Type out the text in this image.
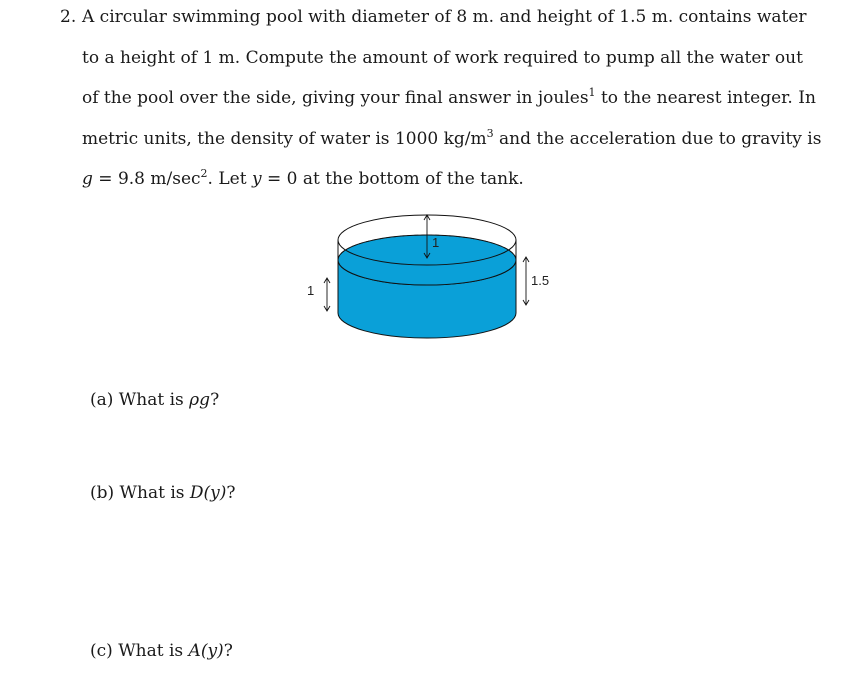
2. A circular swimming pool with diameter of 8 m. and height of 1.5 m. contains water
to a height of 1 m. Compute the amount of work required to pump all the water out
of the pool over the side, giving your final answer in joules$^1$ to the nearest integer. In
metric units, the density of water is 1000 $kg/m^3$ and the acceleration due to gravity is
g = 9.8 $m/\sec^2$. Let y = 0 at the bottom of the tank.
1
1
1.5
(a) What is ρg?
(b) What is D(y)?
(c) What is A(y)?
